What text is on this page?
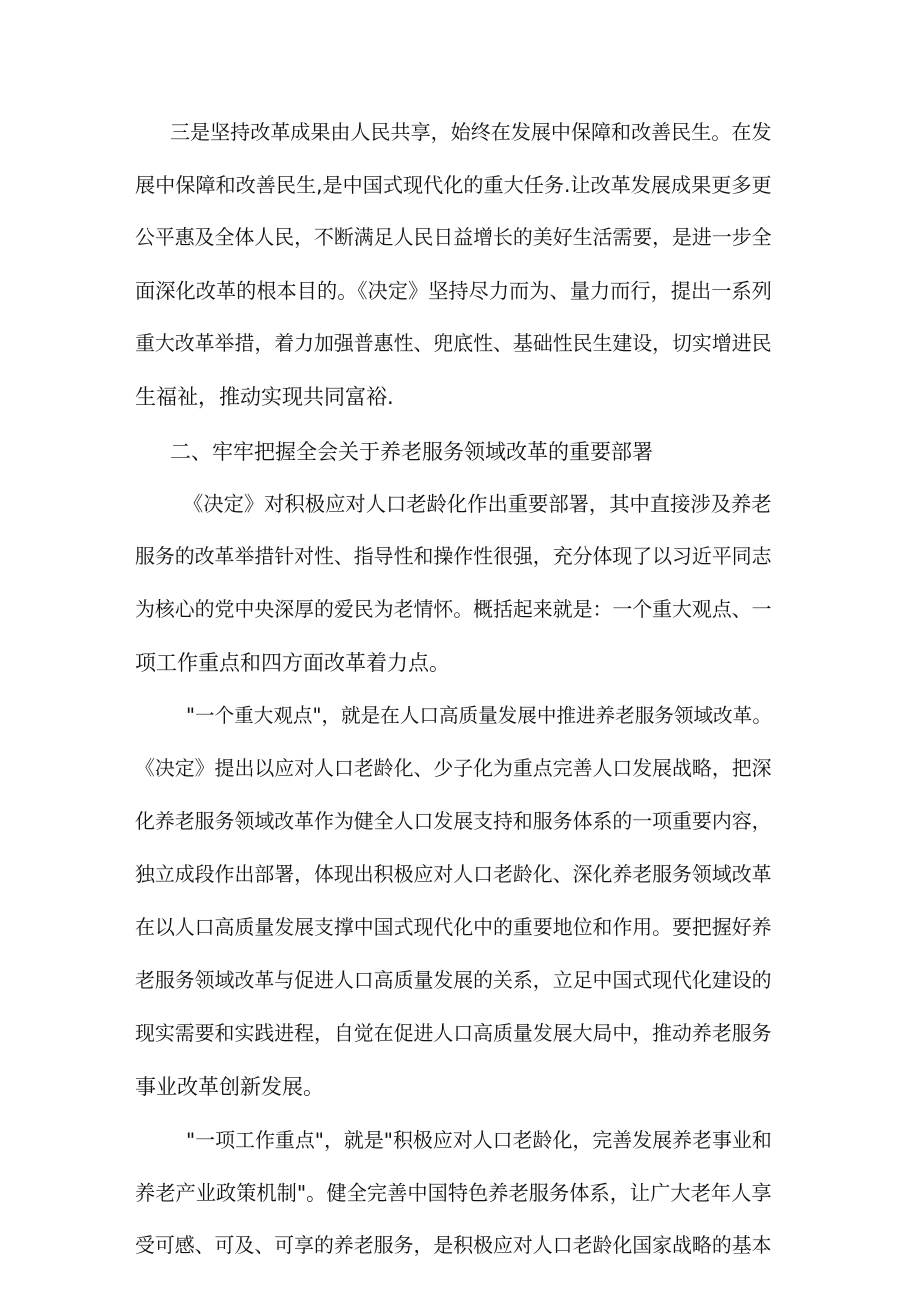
三是坚持改革成果由人民共享，始终在发展中保障和改善民生。在发
展中保障和改善民生,是中国式现代化的重大任务.让改革发展成果更多更
公平惠及全体人民，不断满足人民日益增长的美好生活需要，是进一步全
面深化改革的根本目的。《决定》坚持尽力而为、量力而行，提出一系列
重大改革举措，着力加强普惠性、兜底性、基础性民生建设，切实增进民
生福祉，推动实现共同富裕.
二、牢牢把握全会关于养老服务领域改革的重要部署
《决定》对积极应对人口老龄化作出重要部署，其中直接涉及养老
服务的改革举措针对性、指导性和操作性很强，充分体现了以习近平同志
为核心的党中央深厚的爱民为老情怀。概括起来就是：一个重大观点、一
项工作重点和四方面改革着力点。
"一个重大观点"，就是在人口高质量发展中推进养老服务领域改革。
《决定》提出以应对人口老龄化、少子化为重点完善人口发展战略，把深
化养老服务领域改革作为健全人口发展支持和服务体系的一项重要内容，
独立成段作出部署，体现出积极应对人口老龄化、深化养老服务领域改革
在以人口高质量发展支撑中国式现代化中的重要地位和作用。要把握好养
老服务领域改革与促进人口高质量发展的关系，立足中国式现代化建设的
现实需要和实践进程，自觉在促进人口高质量发展大局中，推动养老服务
事业改革创新发展。
"一项工作重点"，就是"积极应对人口老龄化，完善发展养老事业和
养老产业政策机制"。健全完善中国特色养老服务体系，让广大老年人享
受可感、可及、可享的养老服务，是积极应对人口老龄化国家战略的基本
